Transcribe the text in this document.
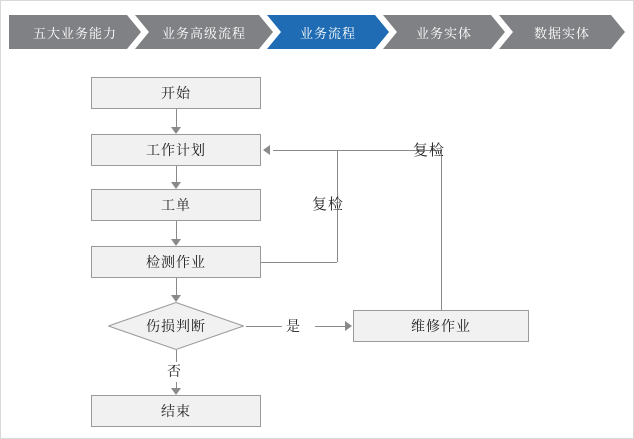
五大业务能力	业务高级流程	业务流程	业务实体	数据实体
开始
工作计划
工单
检测作业
伤损判断	维修作业
结束
复检
复检
是
否
